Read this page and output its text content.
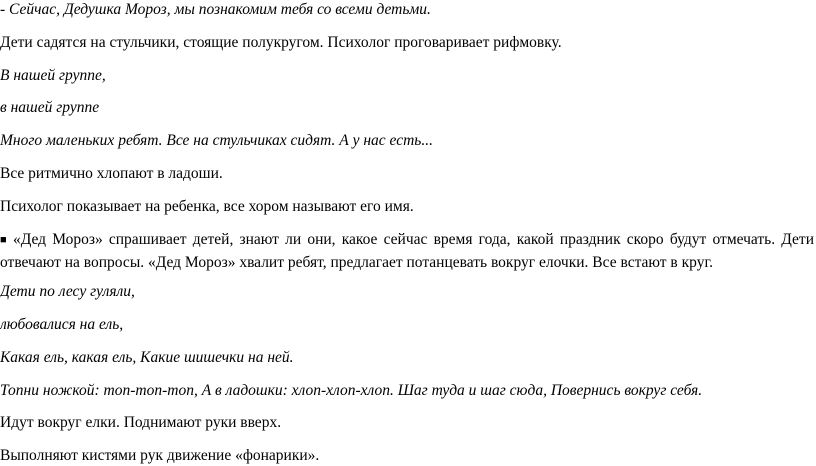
- Сейчас, Дедушка Мороз, мы познакомим тебя со всеми детьми.
Дети садятся на стульчики, стоящие полукругом. Психолог проговаривает рифмовку.
В нашей группе,
в нашей группе
Много маленьких ребят. Все на стульчиках сидят. А у нас есть...
Все ритмично хлопают в ладоши.
Психолог показывает на ребенка, все хором называют его имя.
■ «Дед Мороз» спрашивает детей, знают ли они, какое сейчас время года, какой праздник скоро будут отмечать. Дети отвечают на вопросы. «Дед Мороз» хвалит ребят, предлагает потанцевать вокруг елочки. Все встают в круг.
Дети по лесу гуляли,
любовалися на ель,
Какая ель, какая ель, Какие шишечки на ней.
Топни ножкой: топ-топ-топ, А в ладошки: хлоп-хлоп-хлоп. Шаг туда и шаг сюда, Повернись вокруг себя.
Идут вокруг елки. Поднимают руки вверх.
Выполняют кистями рук движение «фонарики».
